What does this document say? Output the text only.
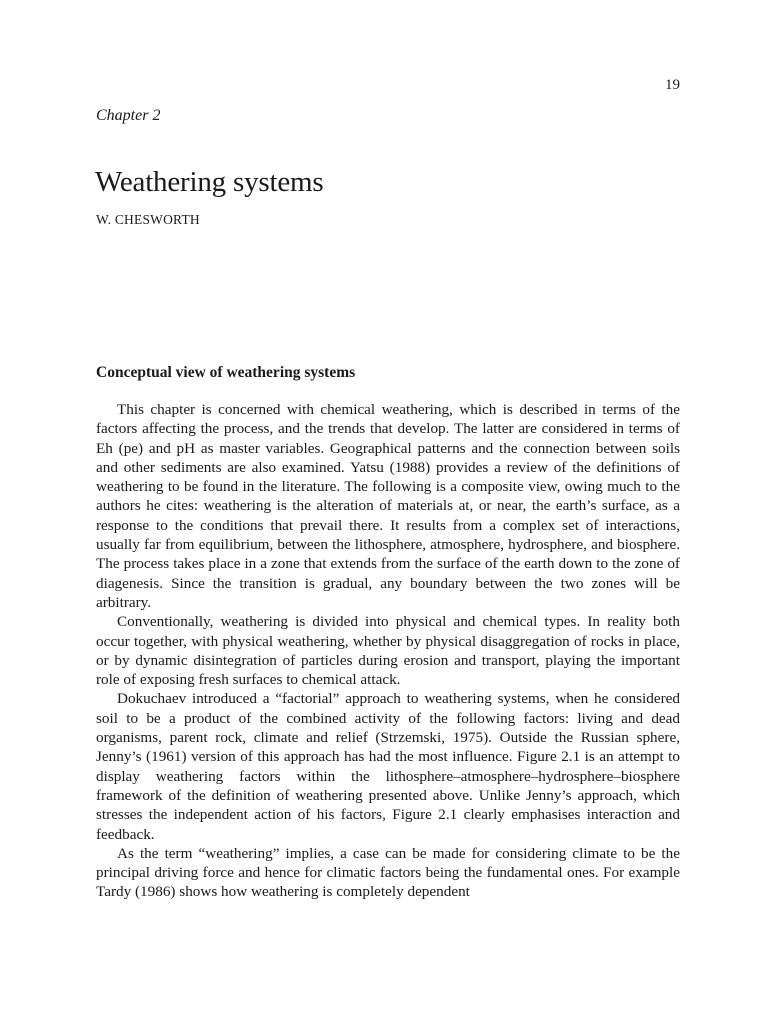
19
Chapter 2
Weathering systems
W. CHESWORTH
Conceptual view of weathering systems

This chapter is concerned with chemical weathering, which is described in terms of the factors affecting the process, and the trends that develop. The latter are considered in terms of Eh (pe) and pH as master variables. Geographical patterns and the connection between soils and other sediments are also examined. Yatsu (1988) provides a review of the definitions of weathering to be found in the literature. The following is a composite view, owing much to the authors he cites: weathering is the alteration of materials at, or near, the earth’s surface, as a response to the conditions that prevail there. It results from a complex set of interactions, usually far from equilibrium, between the lithosphere, atmosphere, hydrosphere, and biosphere. The process takes place in a zone that extends from the surface of the earth down to the zone of diagenesis. Since the transition is gradual, any boundary between the two zones will be arbitrary.

Conventionally, weathering is divided into physical and chemical types. In reality both occur together, with physical weathering, whether by physical disaggregation of rocks in place, or by dynamic disintegration of particles during erosion and transport, playing the important role of exposing fresh surfaces to chemical attack.

Dokuchaev introduced a “factorial” approach to weathering systems, when he considered soil to be a product of the combined activity of the following factors: living and dead organisms, parent rock, climate and relief (Strzemski, 1975). Outside the Russian sphere, Jenny’s (1961) version of this approach has had the most influence. Figure 2.1 is an attempt to display weathering factors within the lithosphere–atmosphere–hydrosphere–biosphere framework of the definition of weathering presented above. Unlike Jenny’s approach, which stresses the independent action of his factors, Figure 2.1 clearly emphasises interaction and feedback.

As the term “weathering” implies, a case can be made for considering climate to be the principal driving force and hence for climatic factors being the fundamental ones. For example Tardy (1986) shows how weathering is completely dependent
